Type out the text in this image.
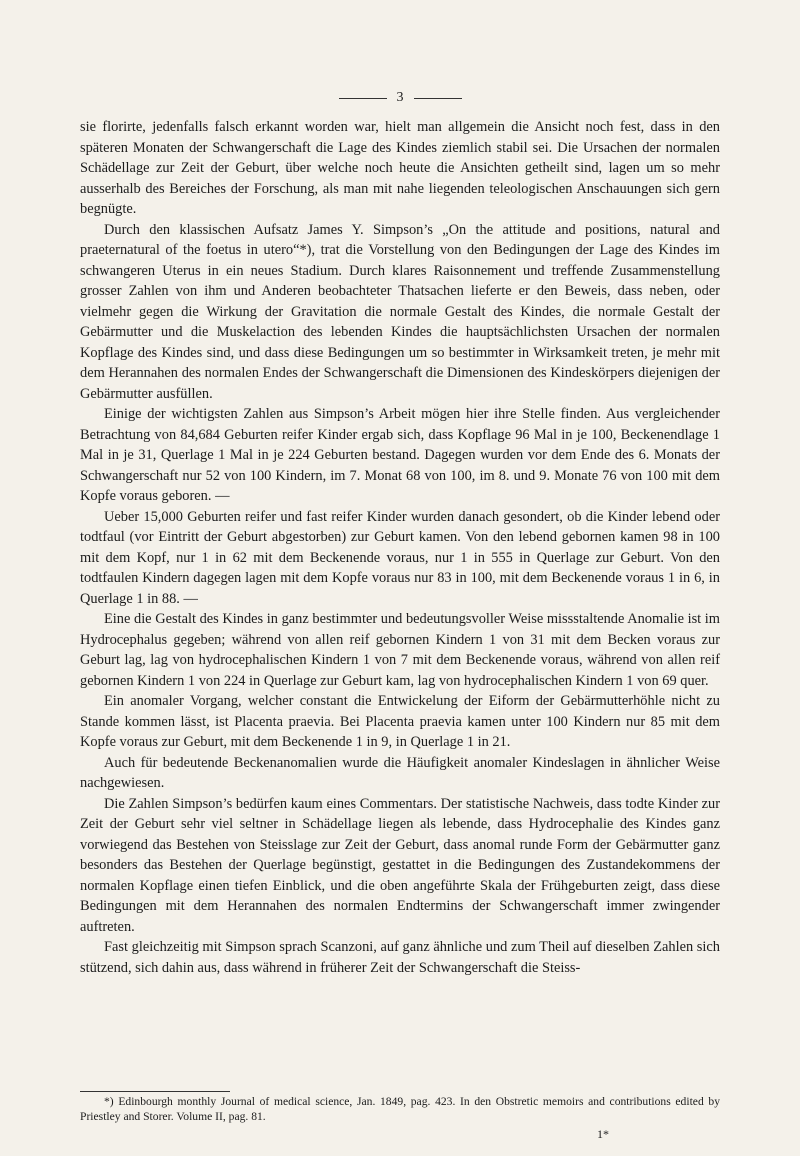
3

sie florirte, jedenfalls falsch erkannt worden war, hielt man allgemein die Ansicht noch fest, dass in den späteren Monaten der Schwangerschaft die Lage des Kindes ziemlich stabil sei. Die Ursachen der normalen Schädellage zur Zeit der Geburt, über welche noch heute die Ansichten getheilt sind, lagen um so mehr ausserhalb des Bereiches der Forschung, als man mit nahe liegenden teleologischen Anschauungen sich gern begnügte.

Durch den klassischen Aufsatz James Y. Simpson’s „On the attitude and positions, natural and praeternatural of the foetus in utero“*), trat die Vorstellung von den Bedingungen der Lage des Kindes im schwangeren Uterus in ein neues Stadium. Durch klares Raisonnement und treffende Zusammenstellung grosser Zahlen von ihm und Anderen beobachteter Thatsachen lieferte er den Beweis, dass neben, oder vielmehr gegen die Wirkung der Gravitation die normale Gestalt des Kindes, die normale Gestalt der Gebärmutter und die Muskelaction des lebenden Kindes die hauptsächlichsten Ursachen der normalen Kopflage des Kindes sind, und dass diese Bedingungen um so bestimmter in Wirksamkeit treten, je mehr mit dem Herannahen des normalen Endes der Schwangerschaft die Dimensionen des Kindeskörpers diejenigen der Gebärmutter ausfüllen.

Einige der wichtigsten Zahlen aus Simpson’s Arbeit mögen hier ihre Stelle finden. Aus vergleichender Betrachtung von 84,684 Geburten reifer Kinder ergab sich, dass Kopflage 96 Mal in je 100, Beckenendlage 1 Mal in je 31, Querlage 1 Mal in je 224 Geburten bestand. Dagegen wurden vor dem Ende des 6. Monats der Schwangerschaft nur 52 von 100 Kindern, im 7. Monat 68 von 100, im 8. und 9. Monate 76 von 100 mit dem Kopfe voraus geboren. —

Ueber 15,000 Geburten reifer und fast reifer Kinder wurden danach gesondert, ob die Kinder lebend oder todtfaul (vor Eintritt der Geburt abgestorben) zur Geburt kamen. Von den lebend gebornen kamen 98 in 100 mit dem Kopf, nur 1 in 62 mit dem Beckenende voraus, nur 1 in 555 in Querlage zur Geburt. Von den todtfaulen Kindern dagegen lagen mit dem Kopfe voraus nur 83 in 100, mit dem Beckenende voraus 1 in 6, in Querlage 1 in 88. —

Eine die Gestalt des Kindes in ganz bestimmter und bedeutungsvoller Weise missstaltende Anomalie ist im Hydrocephalus gegeben; während von allen reif gebornen Kindern 1 von 31 mit dem Becken voraus zur Geburt lag, lag von hydrocephalischen Kindern 1 von 7 mit dem Beckenende voraus, während von allen reif gebornen Kindern 1 von 224 in Querlage zur Geburt kam, lag von hydrocephalischen Kindern 1 von 69 quer.

Ein anomaler Vorgang, welcher constant die Entwickelung der Eiform der Gebärmutterhöhle nicht zu Stande kommen lässt, ist Placenta praevia. Bei Placenta praevia kamen unter 100 Kindern nur 85 mit dem Kopfe voraus zur Geburt, mit dem Beckenende 1 in 9, in Querlage 1 in 21.

Auch für bedeutende Beckenanomalien wurde die Häufigkeit anomaler Kindeslagen in ähnlicher Weise nachgewiesen.

Die Zahlen Simpson’s bedürfen kaum eines Commentars. Der statistische Nachweis, dass todte Kinder zur Zeit der Geburt sehr viel seltner in Schädellage liegen als lebende, dass Hydrocephalie des Kindes ganz vorwiegend das Bestehen von Steisslage zur Zeit der Geburt, dass anomal runde Form der Gebärmutter ganz besonders das Bestehen der Querlage begünstigt, gestattet in die Bedingungen des Zustandekommens der normalen Kopflage einen tiefen Einblick, und die oben angeführte Skala der Frühgeburten zeigt, dass diese Bedingungen mit dem Herannahen des normalen Endtermins der Schwangerschaft immer zwingender auftreten.

Fast gleichzeitig mit Simpson sprach Scanzoni, auf ganz ähnliche und zum Theil auf dieselben Zahlen sich stützend, sich dahin aus, dass während in früherer Zeit der Schwangerschaft die Steiss-

*) Edinbourgh monthly Journal of medical science, Jan. 1849, pag. 423. In den Obstretic memoirs and contributions edited by Priestley and Storer. Volume II, pag. 81.

1*
